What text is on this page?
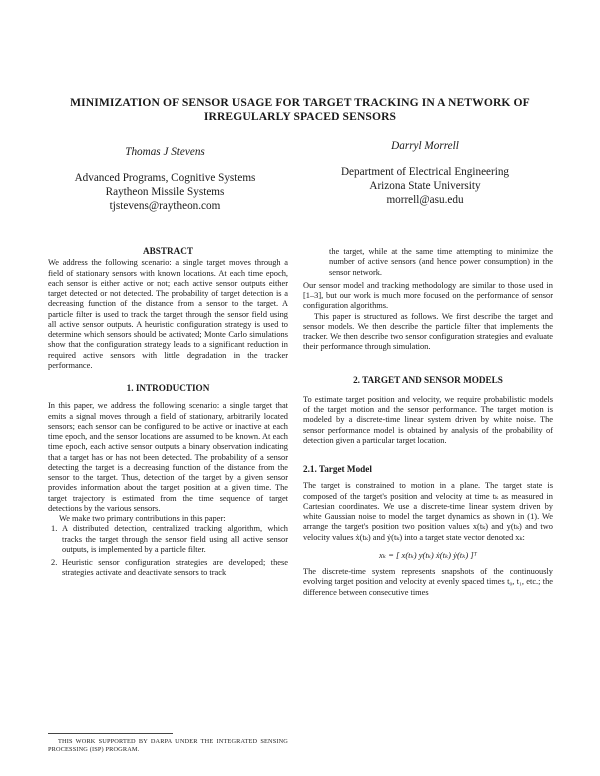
MINIMIZATION OF SENSOR USAGE FOR TARGET TRACKING IN A NETWORK OF
IRREGULARLY SPACED SENSORS
Thomas J Stevens
Advanced Programs, Cognitive Systems
Raytheon Missile Systems
tjstevens@raytheon.com
Darryl Morrell
Department of Electrical Engineering
Arizona State University
morrell@asu.edu

ABSTRACT

We address the following scenario: a single target moves through a field of stationary sensors with known locations. At each time epoch, each sensor is either active or not; each active sensor outputs either target detected or not detected. The probability of target detection is a decreasing function of the distance from a sensor to the target. A particle filter is used to track the target through the sensor field using all active sensor outputs. A heuristic configuration strategy is used to determine which sensors should be activated; Monte Carlo simulations show that the configuration strategy leads to a significant reduction in required active sensors with little degradation in the tracker performance.

1. INTRODUCTION

In this paper, we address the following scenario: a single target that emits a signal moves through a field of stationary, arbitrarily located sensors; each sensor can be configured to be active or inactive at each time epoch, and the sensor locations are assumed to be known. At each time epoch, each active sensor outputs a binary observation indicating that a target has or has not been detected. The probability of a sensor detecting the target is a decreasing function of the distance from the sensor to the target. Thus, detection of the target by a given sensor provides information about the target position at a given time. The target trajectory is estimated from the time sequence of target detections by the various sensors.

We make two primary contributions in this paper:

1. A distributed detection, centralized tracking algorithm, which tracks the target through the sensor field using all active sensor outputs, is implemented by a particle filter.
2. Heuristic sensor configuration strategies are developed; these strategies activate and deactivate sensors to track
THIS WORK SUPPORTED BY DARPA UNDER THE INTEGRATED SENSING PROCESSING (ISP) PROGRAM.

the target, while at the same time attempting to minimize the number of active sensors (and hence power consumption) in the sensor network.

Our sensor model and tracking methodology are similar to those used in [1–3], but our work is much more focused on the performance of sensor configuration algorithms.

This paper is structured as follows. We first describe the target and sensor models. We then describe the particle filter that implements the tracker. We then describe two sensor configuration strategies and evaluate their performance through simulation.

2. TARGET AND SENSOR MODELS

To estimate target position and velocity, we require probabilistic models of the target motion and the sensor performance. The target motion is modeled by a discrete-time linear system driven by white noise. The sensor performance model is obtained by analysis of the probability of detection given a particular target location.

2.1. Target Model

The target is constrained to motion in a plane. The target state is composed of the target's position and velocity at time tₖ as measured in Cartesian coordinates. We use a discrete-time linear system driven by white Gaussian noise to model the target dynamics as shown in (1). We arrange the target's position two position values x(tₖ) and y(tₖ) and two velocity values ẋ(tₖ) and ẏ(tₖ) into a target state vector denoted xₖ:

xₖ = [ x(tₖ) y(tₖ) ẋ(tₖ) ẏ(tₖ) ]ᵀ

The discrete-time system represents snapshots of the continuously evolving target position and velocity at evenly spaced times t₀, t₁, etc.; the difference between consecutive times
